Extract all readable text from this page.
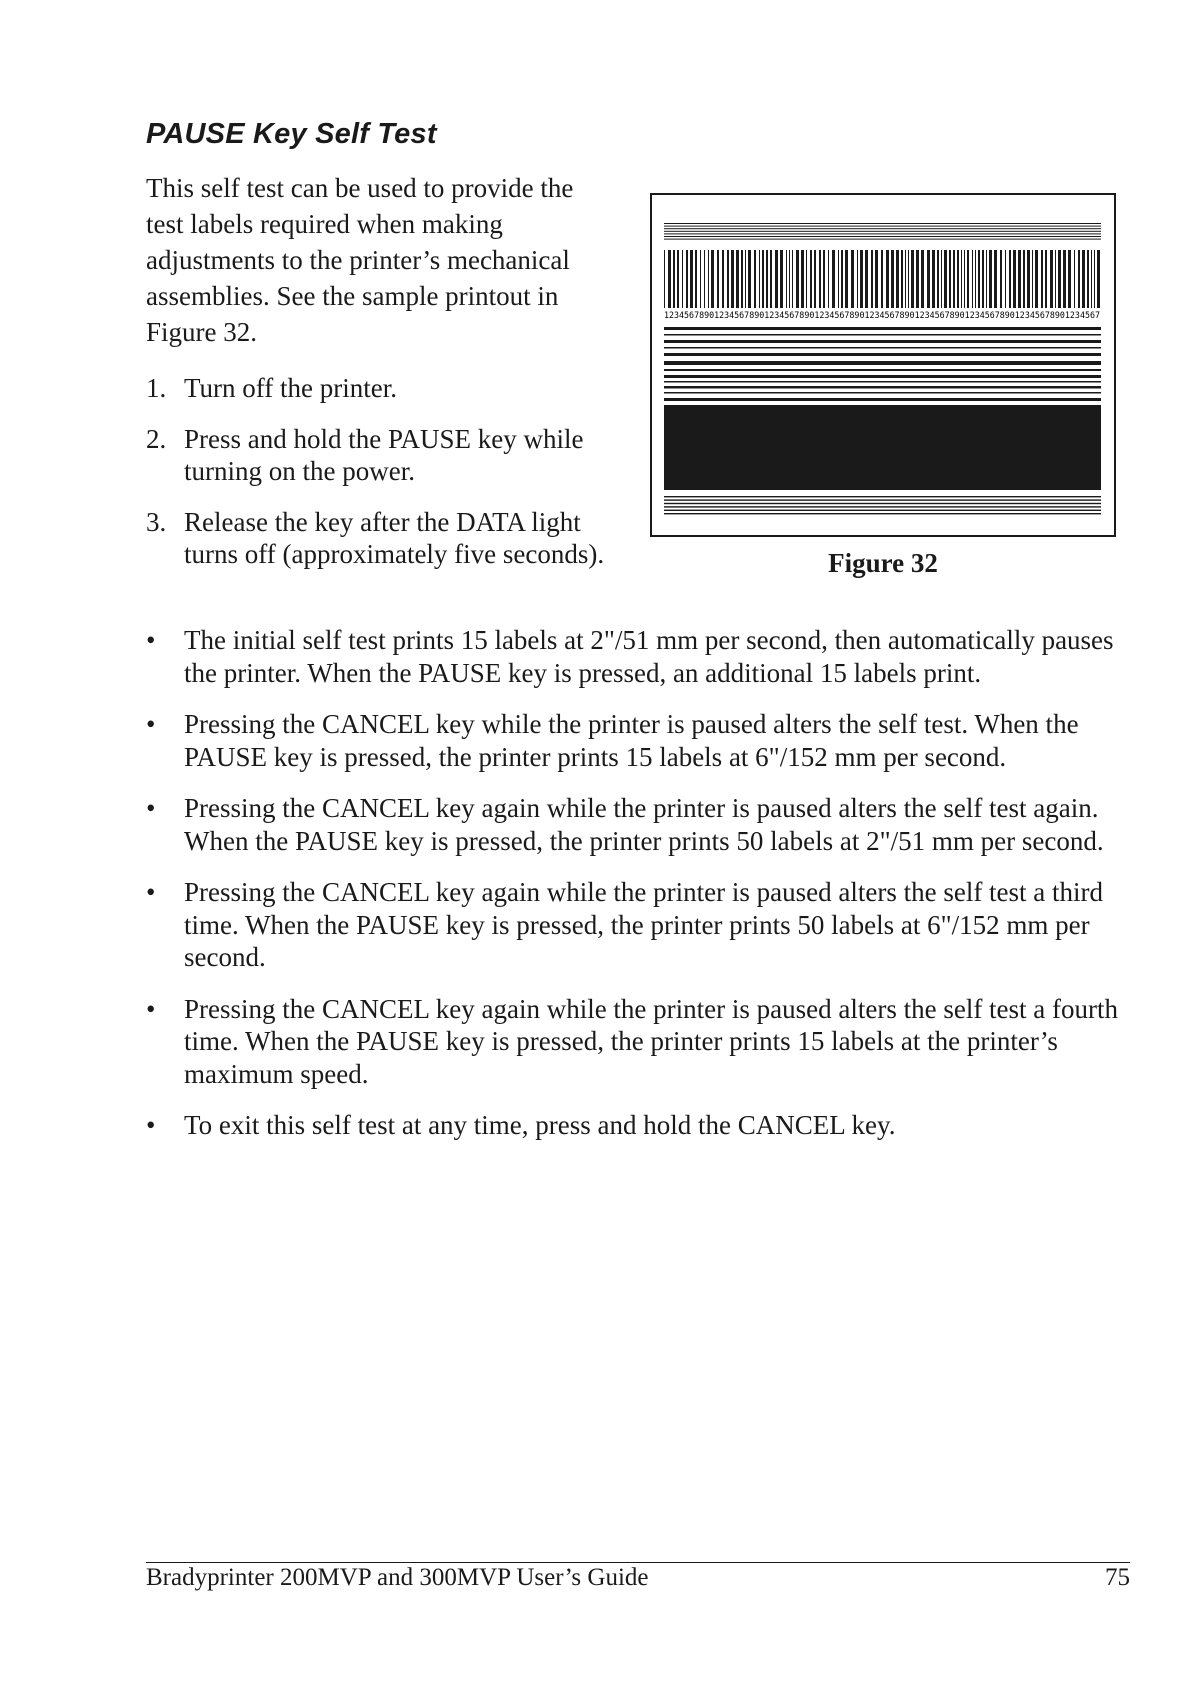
PAUSE Key Self Test

This self test can be used to provide the test labels required when making adjustments to the printer’s mechanical assemblies. See the sample printout in Figure 32.

1. Turn off the printer.
2. Press and hold the PAUSE key while turning on the power.
3. Release the key after the DATA light turns off (approximately five seconds).
123456789012345678901234567890123456789012345678901234567890123456789012345678901234567

Figure 32

• The initial self test prints 15 labels at 2"/51 mm per second, then automatically pauses the printer. When the PAUSE key is pressed, an additional 15 labels print.
• Pressing the CANCEL key while the printer is paused alters the self test. When the PAUSE key is pressed, the printer prints 15 labels at 6"/152 mm per second.
• Pressing the CANCEL key again while the printer is paused alters the self test again. When the PAUSE key is pressed, the printer prints 50 labels at 2"/51 mm per second.
• Pressing the CANCEL key again while the printer is paused alters the self test a third time. When the PAUSE key is pressed, the printer prints 50 labels at 6"/152 mm per second.
• Pressing the CANCEL key again while the printer is paused alters the self test a fourth time. When the PAUSE key is pressed, the printer prints 15 labels at the printer’s maximum speed.
• To exit this self test at any time, press and hold the CANCEL key.
Bradyprinter 200MVP and 300MVP User’s Guide	75
